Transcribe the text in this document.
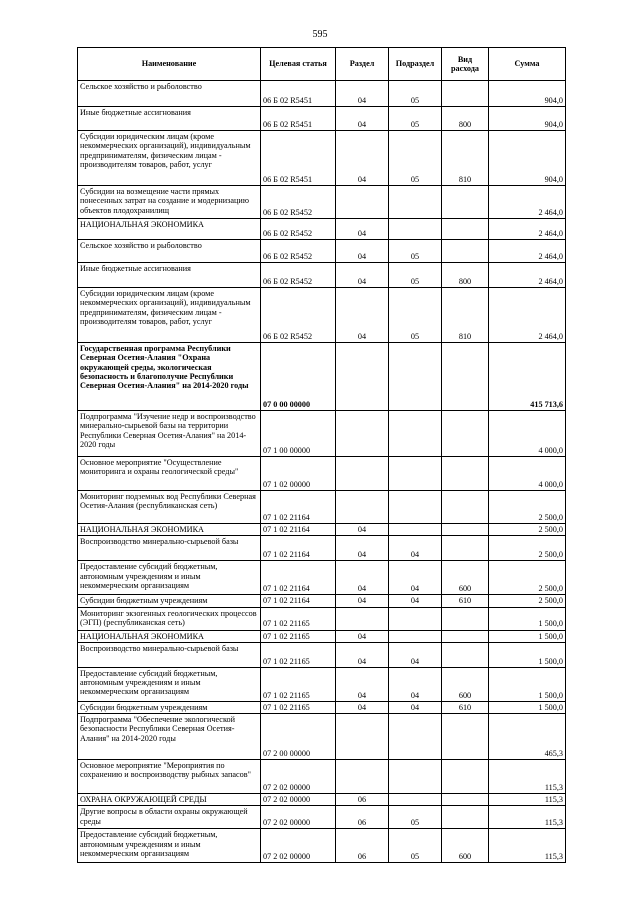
595
Наименование	Целевая статья	Раздел	Подраздел	Вид расхода	Сумма
Сельское хозяйство и рыболовство	06 Б 02 R5451	04	05		904,0
Иные бюджетные ассигнования	06 Б 02 R5451	04	05	800	904,0
Субсидии юридическим лицам (кроме некоммерческих организаций), индивидуальным предпринимателям, физическим лицам - производителям товаров, работ, услуг	06 Б 02 R5451	04	05	810	904,0
Субсидии на возмещение части прямых понесенных затрат на создание и модернизацию объектов плодохранилищ	06 Б 02 R5452				2 464,0
НАЦИОНАЛЬНАЯ ЭКОНОМИКА	06 Б 02 R5452	04			2 464,0
Сельское хозяйство и рыболовство	06 Б 02 R5452	04	05		2 464,0
Иные бюджетные ассигнования	06 Б 02 R5452	04	05	800	2 464,0
Субсидии юридическим лицам (кроме некоммерческих организаций), индивидуальным предпринимателям, физическим лицам - производителям товаров, работ, услуг	06 Б 02 R5452	04	05	810	2 464,0
Государственная программа Республики Северная Осетия-Алания "Охрана окружающей среды, экологическая безопасность и благополучие Республики Северная Осетия-Алания" на 2014-2020 годы	07 0 00 00000				415 713,6
Подпрограмма "Изучение недр и воспроизводство минерально-сырьевой базы на территории Республики Северная Осетия-Алания" на 2014-2020 годы	07 1 00 00000				4 000,0
Основное мероприятие "Осуществление мониторинга и охраны геологической среды"	07 1 02 00000				4 000,0
Мониторинг подземных вод Республики Северная Осетия-Алания (республиканская сеть)	07 1 02 21164				2 500,0
НАЦИОНАЛЬНАЯ ЭКОНОМИКА	07 1 02 21164	04			2 500,0
Воспроизводство минерально-сырьевой базы	07 1 02 21164	04	04		2 500,0
Предоставление субсидий бюджетным, автономным учреждениям и иным некоммерческим организациям	07 1 02 21164	04	04	600	2 500,0
Субсидии бюджетным учреждениям	07 1 02 21164	04	04	610	2 500,0
Мониторинг экзогенных геологических процессов (ЭГП) (республиканская сеть)	07 1 02 21165				1 500,0
НАЦИОНАЛЬНАЯ ЭКОНОМИКА	07 1 02 21165	04			1 500,0
Воспроизводство минерально-сырьевой базы	07 1 02 21165	04	04		1 500,0
Предоставление субсидий бюджетным, автономным учреждениям и иным некоммерческим организациям	07 1 02 21165	04	04	600	1 500,0
Субсидии бюджетным учреждениям	07 1 02 21165	04	04	610	1 500,0
Подпрограмма "Обеспечение экологической безопасности Республики Северная Осетия-Алания" на 2014-2020 годы	07 2 00 00000				465,3
Основное мероприятие "Мероприятия по сохранению и воспроизводству рыбных запасов"	07 2 02 00000				115,3
ОХРАНА ОКРУЖАЮЩЕЙ СРЕДЫ	07 2 02 00000	06			115,3
Другие вопросы в области охраны окружающей среды	07 2 02 00000	06	05		115,3
Предоставление субсидий бюджетным, автономным учреждениям и иным некоммерческим организациям	07 2 02 00000	06	05	600	115,3
